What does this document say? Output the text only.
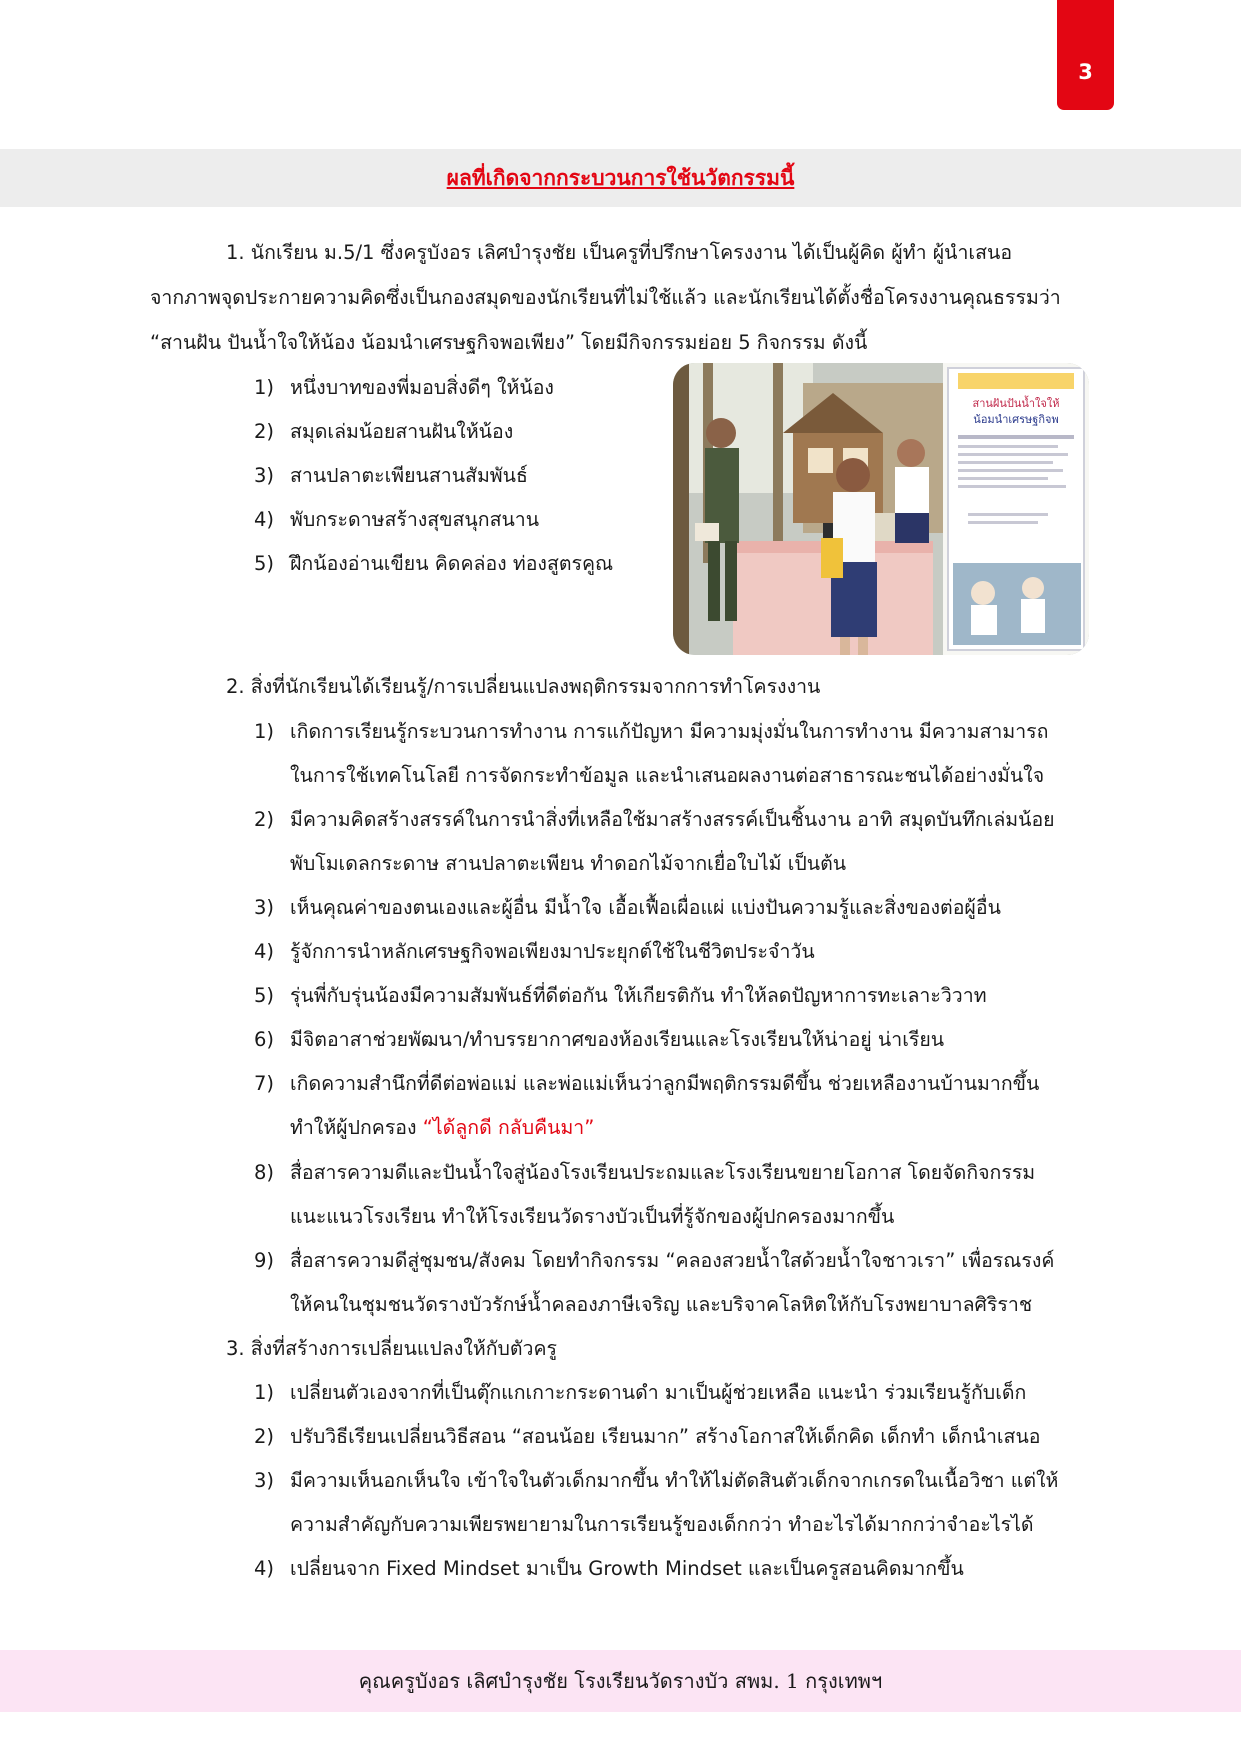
3
ผลที่เกิดจากกระบวนการใช้นวัตกรรมนี้
1. นักเรียน ม.5/1 ซึ่งครูบังอร เลิศบำรุงชัย เป็นครูที่ปรึกษาโครงงาน ได้เป็นผู้คิด ผู้ทำ ผู้นำเสนอ
จากภาพจุดประกายความคิดซึ่งเป็นกองสมุดของนักเรียนที่ไม่ใช้แล้ว และนักเรียนได้ตั้งชื่อโครงงานคุณธรรมว่า
“สานฝัน ปันน้ำใจให้น้อง น้อมนำเศรษฐกิจพอเพียง” โดยมีกิจกรรมย่อย 5 กิจกรรม ดังนี้
1) หนึ่งบาทของพี่มอบสิ่งดีๆ ให้น้อง
2) สมุดเล่มน้อยสานฝันให้น้อง
3) สานปลาตะเพียนสานสัมพันธ์
4) พับกระดาษสร้างสุขสนุกสนาน
5) ฝึกน้องอ่านเขียน คิดคล่อง ท่องสูตรคูณ
สานฝันปันน้ำใจให้
น้อมนำเศรษฐกิจพ
2. สิ่งที่นักเรียนได้เรียนรู้/การเปลี่ยนแปลงพฤติกรรมจากการทำโครงงาน
1) เกิดการเรียนรู้กระบวนการทำงาน การแก้ปัญหา มีความมุ่งมั่นในการทำงาน มีความสามารถ
ในการใช้เทคโนโลยี การจัดกระทำข้อมูล และนำเสนอผลงานต่อสาธารณะชนได้อย่างมั่นใจ
2) มีความคิดสร้างสรรค์ในการนำสิ่งที่เหลือใช้มาสร้างสรรค์เป็นชิ้นงาน อาทิ สมุดบันทึกเล่มน้อย
พับโมเดลกระดาษ สานปลาตะเพียน ทำดอกไม้จากเยื่อใบไม้ เป็นต้น
3) เห็นคุณค่าของตนเองและผู้อื่น มีน้ำใจ เอื้อเฟื้อเผื่อแผ่ แบ่งปันความรู้และสิ่งของต่อผู้อื่น
4) รู้จักการนำหลักเศรษฐกิจพอเพียงมาประยุกต์ใช้ในชีวิตประจำวัน
5) รุ่นพี่กับรุ่นน้องมีความสัมพันธ์ที่ดีต่อกัน ให้เกียรติกัน ทำให้ลดปัญหาการทะเลาะวิวาท
6) มีจิตอาสาช่วยพัฒนา/ทำบรรยากาศของห้องเรียนและโรงเรียนให้น่าอยู่ น่าเรียน
7) เกิดความสำนึกที่ดีต่อพ่อแม่ และพ่อแม่เห็นว่าลูกมีพฤติกรรมดีขึ้น ช่วยเหลืองานบ้านมากขึ้น
ทำให้ผู้ปกครอง “ได้ลูกดี กลับคืนมา”
8) สื่อสารความดีและปันน้ำใจสู่น้องโรงเรียนประถมและโรงเรียนขยายโอกาส โดยจัดกิจกรรม
แนะแนวโรงเรียน ทำให้โรงเรียนวัดรางบัวเป็นที่รู้จักของผู้ปกครองมากขึ้น
9) สื่อสารความดีสู่ชุมชน/สังคม โดยทำกิจกรรม “คลองสวยน้ำใสด้วยน้ำใจชาวเรา” เพื่อรณรงค์
ให้คนในชุมชนวัดรางบัวรักษ์น้ำคลองภาษีเจริญ และบริจาคโลหิตให้กับโรงพยาบาลศิริราช
3. สิ่งที่สร้างการเปลี่ยนแปลงให้กับตัวครู
1) เปลี่ยนตัวเองจากที่เป็นตุ๊กแกเกาะกระดานดำ มาเป็นผู้ช่วยเหลือ แนะนำ ร่วมเรียนรู้กับเด็ก
2) ปรับวิธีเรียนเปลี่ยนวิธีสอน “สอนน้อย เรียนมาก” สร้างโอกาสให้เด็กคิด เด็กทำ เด็กนำเสนอ
3) มีความเห็นอกเห็นใจ เข้าใจในตัวเด็กมากขึ้น ทำให้ไม่ตัดสินตัวเด็กจากเกรดในเนื้อวิชา แต่ให้
ความสำคัญกับความเพียรพยายามในการเรียนรู้ของเด็กกว่า ทำอะไรได้มากกว่าจำอะไรได้
4) เปลี่ยนจาก Fixed Mindset มาเป็น Growth Mindset และเป็นครูสอนคิดมากขึ้น
คุณครูบังอร เลิศบำรุงชัย โรงเรียนวัดรางบัว สพม. 1 กรุงเทพฯ
